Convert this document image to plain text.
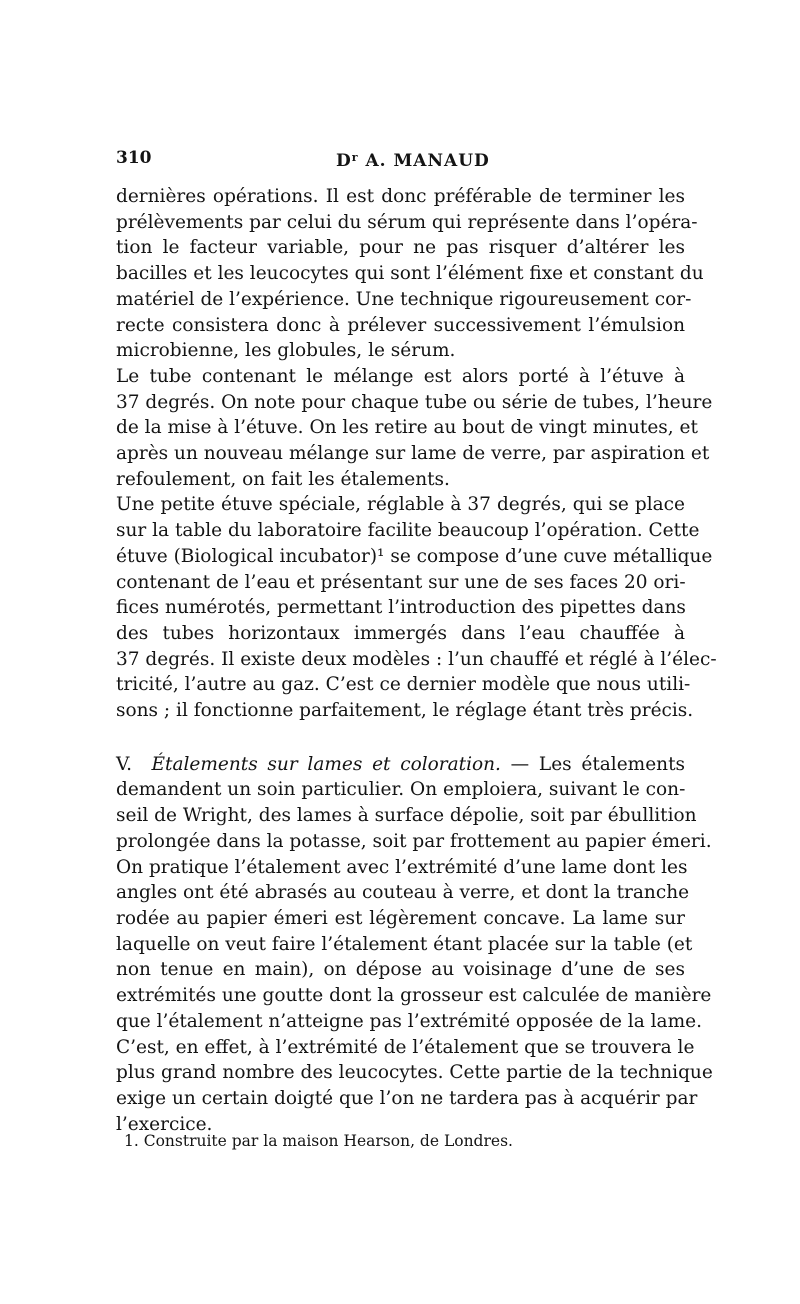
310	$D^r$ A. MANAUD
dernières opérations. Il est donc préférable de terminer les
prélèvements par celui du sérum qui représente dans l’opéra-
tion le facteur variable, pour ne pas risquer d’altérer les
bacilles et les leucocytes qui sont l’élément fixe et constant du
matériel de l’expérience. Une technique rigoureusement cor-
recte consistera donc à prélever successivement l’émulsion
microbienne, les globules, le sérum.
Le tube contenant le mélange est alors porté à l’étuve à
37 degrés. On note pour chaque tube ou série de tubes, l’heure
de la mise à l’étuve. On les retire au bout de vingt minutes, et
après un nouveau mélange sur lame de verre, par aspiration et
refoulement, on fait les étalements.
Une petite étuve spéciale, réglable à 37 degrés, qui se place
sur la table du laboratoire facilite beaucoup l’opération. Cette
étuve (Biological incubator)¹ se compose d’une cuve métallique
contenant de l’eau et présentant sur une de ses faces 20 ori-
fices numérotés, permettant l’introduction des pipettes dans
des tubes horizontaux immergés dans l’eau chauffée à
37 degrés. Il existe deux modèles : l’un chauffé et réglé à l’élec-
tricité, l’autre au gaz. C’est ce dernier modèle que nous utili-
sons ; il fonctionne parfaitement, le réglage étant très précis.
V. Étalements sur lames et coloration. — Les étalements
demandent un soin particulier. On emploiera, suivant le con-
seil de Wright, des lames à surface dépolie, soit par ébullition
prolongée dans la potasse, soit par frottement au papier émeri.
On pratique l’étalement avec l’extrémité d’une lame dont les
angles ont été abrasés au couteau à verre, et dont la tranche
rodée au papier émeri est légèrement concave. La lame sur
laquelle on veut faire l’étalement étant placée sur la table (et
non tenue en main), on dépose au voisinage d’une de ses
extrémités une goutte dont la grosseur est calculée de manière
que l’étalement n’atteigne pas l’extrémité opposée de la lame.
C’est, en effet, à l’extrémité de l’étalement que se trouvera le
plus grand nombre des leucocytes. Cette partie de la technique
exige un certain doigté que l’on ne tardera pas à acquérir par
l’exercice.
1. Construite par la maison Hearson, de Londres.
